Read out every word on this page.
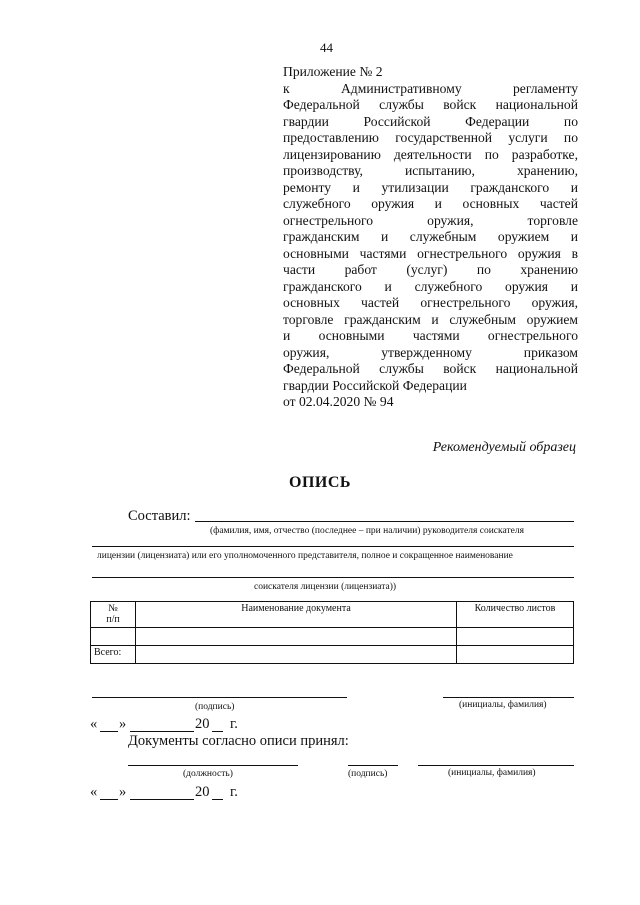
44
Приложение № 2
к Административному регламенту
Федеральной службы войск национальной
гвардии Российской Федерации по
предоставлению государственной услуги по
лицензированию деятельности по разработке,
производству, испытанию, хранению,
ремонту и утилизации гражданского и
служебного оружия и основных частей
огнестрельного оружия, торговле
гражданским и служебным оружием и
основными частями огнестрельного оружия в
части работ (услуг) по хранению
гражданского и служебного оружия и
основных частей огнестрельного оружия,
торговле гражданским и служебным оружием
и основными частями огнестрельного
оружия, утвержденному приказом
Федеральной службы войск национальной
гвардии Российской Федерации
от 02.04.2020 № 94
Рекомендуемый образец
ОПИСЬ
Составил:
(фамилия, имя, отчество (последнее – при наличии) руководителя соискателя
лицензии (лицензиата) или его уполномоченного представителя, полное и сокращенное наименование
соискателя лицензии (лицензиата))
№
п/п	Наименование документа	Количество листов

Всего:		
(подпись)	(инициалы, фамилия)
« »	20 г.
Документы согласно описи принял:
(должность)	(подпись)	(инициалы, фамилия)
« »	20 г.
